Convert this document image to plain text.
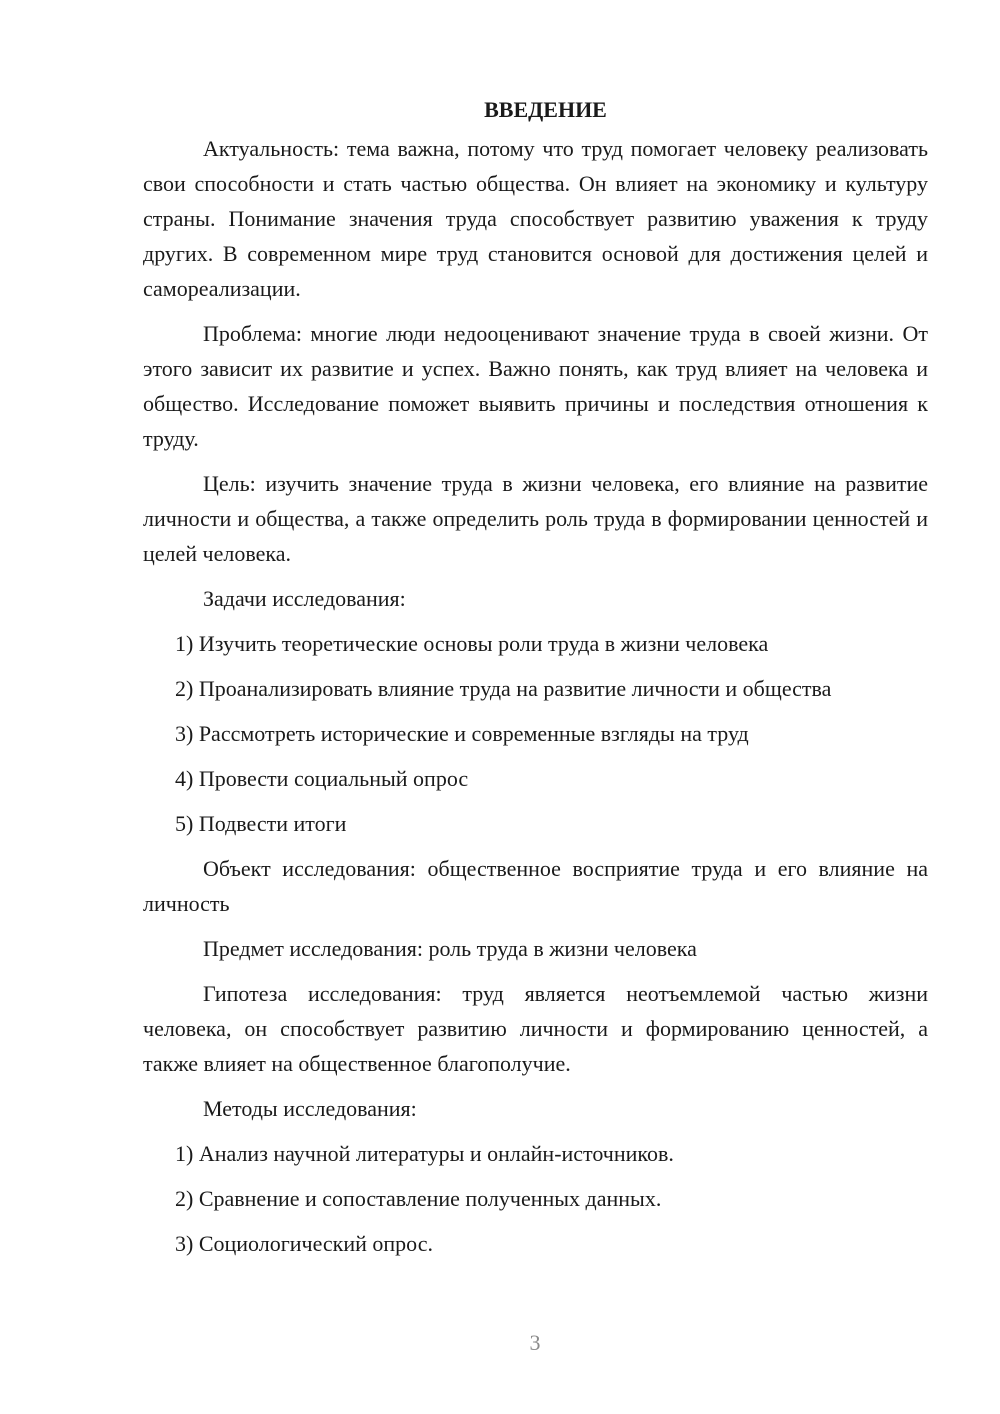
ВВЕДЕНИЕ

Актуальность: тема важна, потому что труд помогает человеку реализовать свои способности и стать частью общества. Он влияет на экономику и культуру страны. Понимание значения труда способствует развитию уважения к труду других. В современном мире труд становится основой для достижения целей и самореализации.

Проблема: многие люди недооценивают значение труда в своей жизни. От этого зависит их развитие и успех. Важно понять, как труд влияет на человека и общество. Исследование поможет выявить причины и последствия отношения к труду.

Цель: изучить значение труда в жизни человека, его влияние на развитие личности и общества, а также определить роль труда в формировании ценностей и целей человека.

Задачи исследования:

1) Изучить теоретические основы роли труда в жизни человека

2) Проанализировать влияние труда на развитие личности и общества

3) Рассмотреть исторические и современные взгляды на труд

4) Провести социальный опрос

5) Подвести итоги

Объект исследования: общественное восприятие труда и его влияние на личность

Предмет исследования: роль труда в жизни человека

Гипотеза исследования: труд является неотъемлемой частью жизни человека, он способствует развитию личности и формированию ценностей, а также влияет на общественное благополучие.

Методы исследования:

1) Анализ научной литературы и онлайн-источников.

2) Сравнение и сопоставление полученных данных.

3) Социологический опрос.

3
